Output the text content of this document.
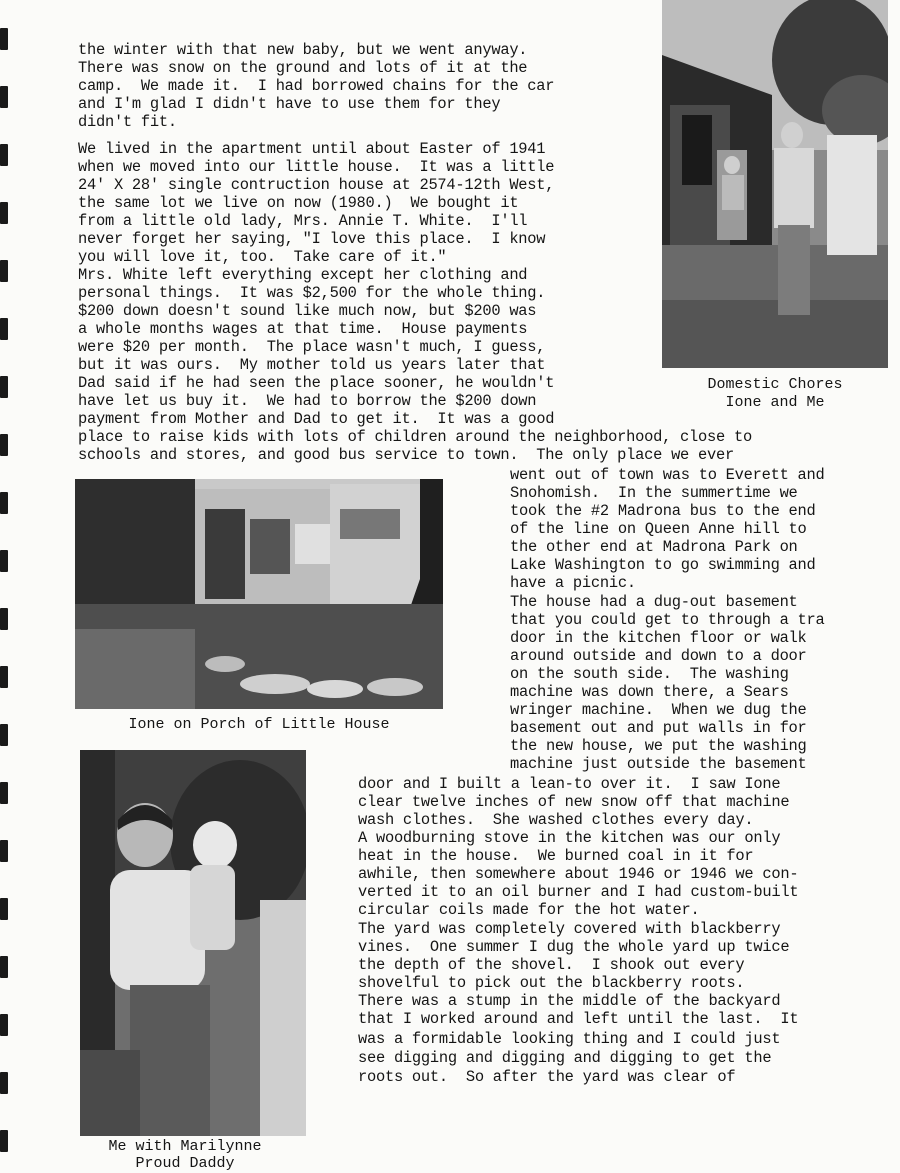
Domestic Chores
Ione and Me
Ione on Porch of Little House
Me with Marilynne
Proud Daddy
the winter with that new baby, but we went anyway.
There was snow on the ground and lots of it at the
camp.  We made it.  I had borrowed chains for the car
and I'm glad I didn't have to use them for they
didn't fit.
We lived in the apartment until about Easter of 1941
when we moved into our little house.  It was a little
24' X 28' single contruction house at 2574-12th West,
the same lot we live on now (1980.)  We bought it
from a little old lady, Mrs. Annie T. White.  I'll
never forget her saying, "I love this place.  I know
you will love it, too.  Take care of it."
Mrs. White left everything except her clothing and
personal things.  It was $2,500 for the whole thing.
$200 down doesn't sound like much now, but $200 was
a whole months wages at that time.  House payments
were $20 per month.  The place wasn't much, I guess,
but it was ours.  My mother told us years later that
Dad said if he had seen the place sooner, he wouldn't
have let us buy it.  We had to borrow the $200 down
payment from Mother and Dad to get it.  It was a good
place to raise kids with lots of children around the neighborhood, close to
schools and stores, and good bus service to town.  The only place we ever
went out of town was to Everett and
Snohomish.  In the summertime we
took the #2 Madrona bus to the end
of the line on Queen Anne hill to
the other end at Madrona Park on
Lake Washington to go swimming and
have a picnic.
The house had a dug-out basement
that you could get to through a tra
door in the kitchen floor or walk
around outside and down to a door
on the south side.  The washing
machine was down there, a Sears
wringer machine.  When we dug the
basement out and put walls in for
the new house, we put the washing
machine just outside the basement
door and I built a lean-to over it.  I saw Ione
clear twelve inches of new snow off that machine
wash clothes.  She washed clothes every day.
A woodburning stove in the kitchen was our only
heat in the house.  We burned coal in it for
awhile, then somewhere about 1946 or 1946 we con-
verted it to an oil burner and I had custom-built
circular coils made for the hot water.
The yard was completely covered with blackberry
vines.  One summer I dug the whole yard up twice
the depth of the shovel.  I shook out every
shovelful to pick out the blackberry roots.
There was a stump in the middle of the backyard
that I worked around and left until the last.  It
was a formidable looking thing and I could just
see digging and digging and digging to get the
roots out.  So after the yard was clear of
